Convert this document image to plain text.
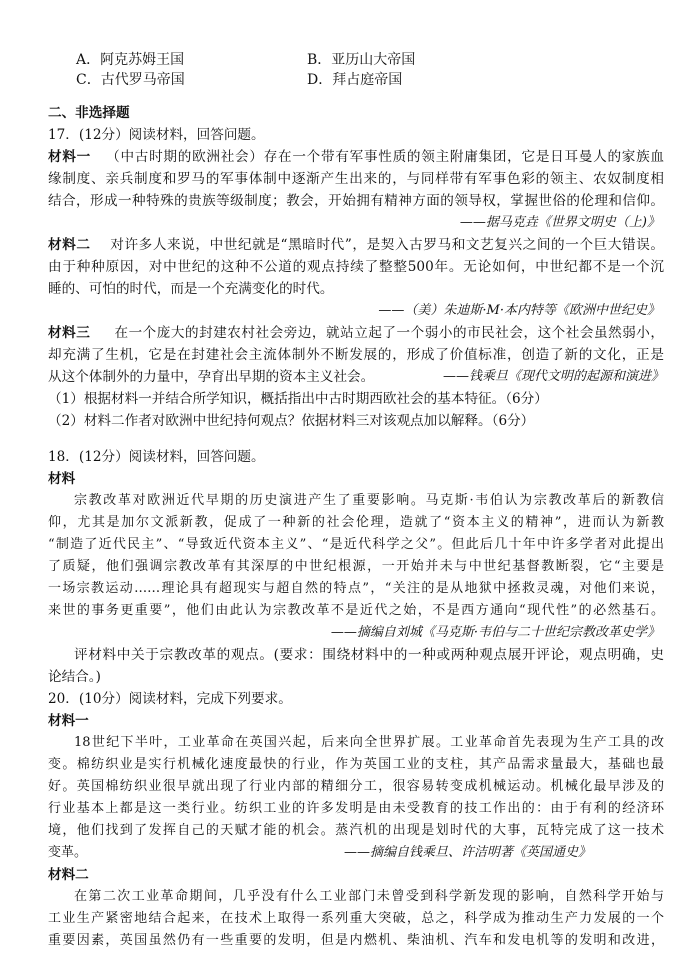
A．阿克苏姆王国	B．亚历山大帝国
C．古代罗马帝国	D．拜占庭帝国
二、非选择题
17．(12分）阅读材料，回答问题。
材料一 （中古时期的欧洲社会）存在一个带有军事性质的领主附庸集团，它是日耳曼人的家族血
缘制度、亲兵制度和罗马的军事体制中逐渐产生出来的，与同样带有军事色彩的领主、农奴制度相
结合，形成一种特殊的贵族等级制度；教会，开始拥有精神方面的领导权，掌握世俗的伦理和信仰。
——据马克垚《世界文明史（上)》
材料二 对许多人来说，中世纪就是“黑暗时代”，是契入古罗马和文艺复兴之间的一个巨大错误。
由于种种原因，对中世纪的这种不公道的观点持续了整整500年。无论如何，中世纪都不是一个沉
睡的、可怕的时代，而是一个充满变化的时代。
——（美）朱迪斯·M·本内特等《欧洲中世纪史》
材料三 在一个庞大的封建农村社会旁边，就站立起了一个弱小的市民社会，这个社会虽然弱小，
却充满了生机，它是在封建社会主流体制外不断发展的，形成了价值标准，创造了新的文化，正是
从这个体制外的力量中，孕育出早期的资本主义社会。	——钱乘旦《现代文明的起源和演进》
（1）根据材料一并结合所学知识，概括指出中古时期西欧社会的基本特征。（6分）
（2）材料二作者对欧洲中世纪持何观点？依据材料三对该观点加以解释。（6分）
18．(12分）阅读材料，回答问题。
材料
宗教改革对欧洲近代早期的历史演进产生了重要影响。马克斯·韦伯认为宗教改革后的新教信
仰，尤其是加尔文派新教，促成了一种新的社会伦理，造就了“资本主义的精神”，进而认为新教
“制造了近代民主”、“导致近代资本主义”、“是近代科学之父”。但此后几十年中许多学者对此提出
了质疑，他们强调宗教改革有其深厚的中世纪根源，一开始并未与中世纪基督教断裂，它“主要是
一场宗教运动……理论具有超现实与超自然的特点”，“关注的是从地狱中拯救灵魂，对他们来说，
来世的事务更重要”，他们由此认为宗教改革不是近代之始，不是西方通向“现代性”的必然基石。
——摘编自刘城《马克斯·韦伯与二十世纪宗教改革史学》
评材料中关于宗教改革的观点。(要求：围绕材料中的一种或两种观点展开评论，观点明确，史
论结合。)
20．(10分）阅读材料，完成下列要求。
材料一
18世纪下半叶，工业革命在英国兴起，后来向全世界扩展。工业革命首先表现为生产工具的改
变。棉纺织业是实行机械化速度最快的行业，作为英国工业的支柱，其产品需求量最大，基础也最
好。英国棉纺织业很早就出现了行业内部的精细分工，很容易转变成机械运动。机械化最早涉及的
行业基本上都是这一类行业。纺织工业的许多发明是由未受教育的技工作出的：由于有利的经济环
境，他们找到了发挥自己的天赋才能的机会。蒸汽机的出现是划时代的大事，瓦特完成了这一技术
变革。	——摘编自钱乘旦、许洁明著《英国通史》
材料二
在第二次工业革命期间，几乎没有什么工业部门未曾受到科学新发现的影响，自然科学开始与
工业生产紧密地结合起来，在技术上取得一系列重大突破，总之，科学成为推动生产力发展的一个
重要因素，英国虽然仍有一些重要的发明，但是内燃机、柴油机、汽车和发电机等的发明和改进，
